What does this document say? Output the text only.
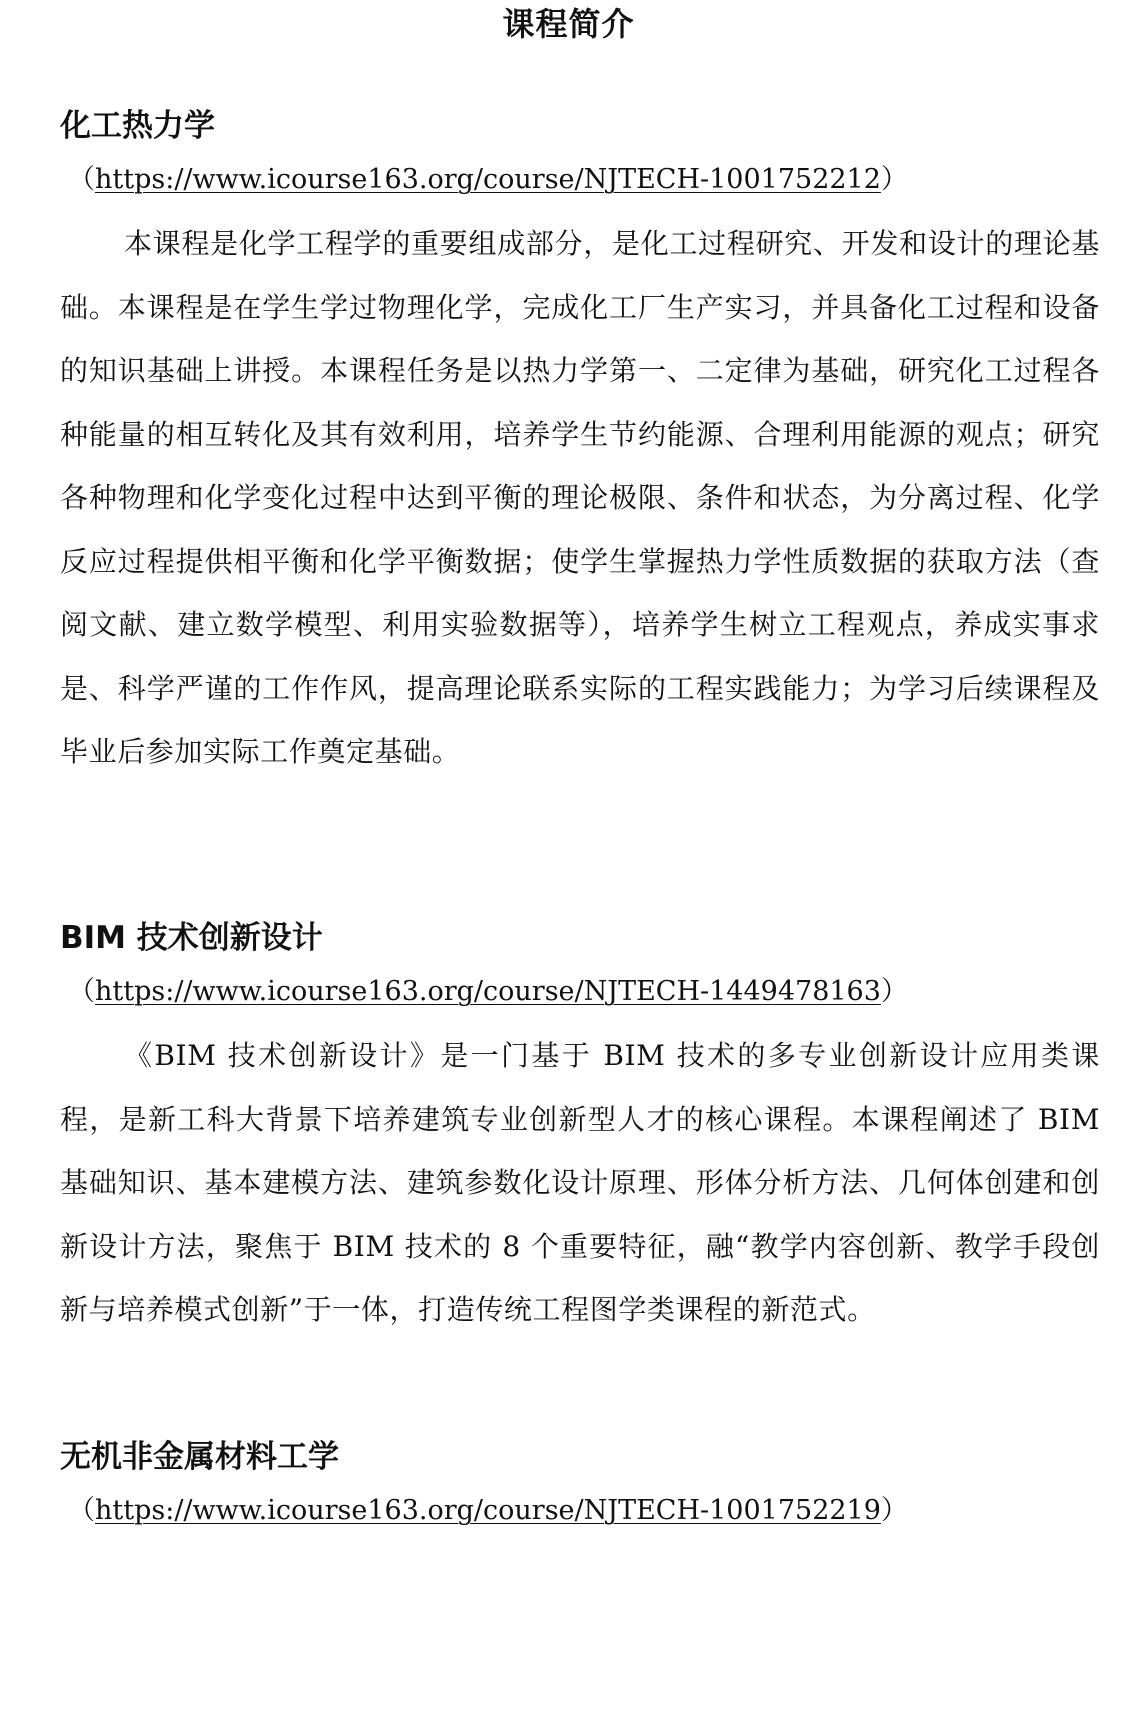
课程简介
化工热力学
（https://www.icourse163.org/course/NJTECH-1001752212）

本课程是化学工程学的重要组成部分，是化工过程研究、开发和设计的理论基础。本课程是在学生学过物理化学，完成化工厂生产实习，并具备化工过程和设备的知识基础上讲授。本课程任务是以热力学第一、二定律为基础，研究化工过程各种能量的相互转化及其有效利用，培养学生节约能源、合理利用能源的观点；研究各种物理和化学变化过程中达到平衡的理论极限、条件和状态，为分离过程、化学反应过程提供相平衡和化学平衡数据；使学生掌握热力学性质数据的获取方法（查阅文献、建立数学模型、利用实验数据等），培养学生树立工程观点，养成实事求是、科学严谨的工作作风，提高理论联系实际的工程实践能力；为学习后续课程及毕业后参加实际工作奠定基础。

BIM 技术创新设计
（https://www.icourse163.org/course/NJTECH-1449478163）

《BIM 技术创新设计》是一门基于 BIM 技术的多专业创新设计应用类课程，是新工科大背景下培养建筑专业创新型人才的核心课程。本课程阐述了 BIM 基础知识、基本建模方法、建筑参数化设计原理、形体分析方法、几何体创建和创新设计方法，聚焦于 BIM 技术的 8 个重要特征，融“教学内容创新、教学手段创新与培养模式创新”于一体，打造传统工程图学类课程的新范式。

无机非金属材料工学
（https://www.icourse163.org/course/NJTECH-1001752219）
